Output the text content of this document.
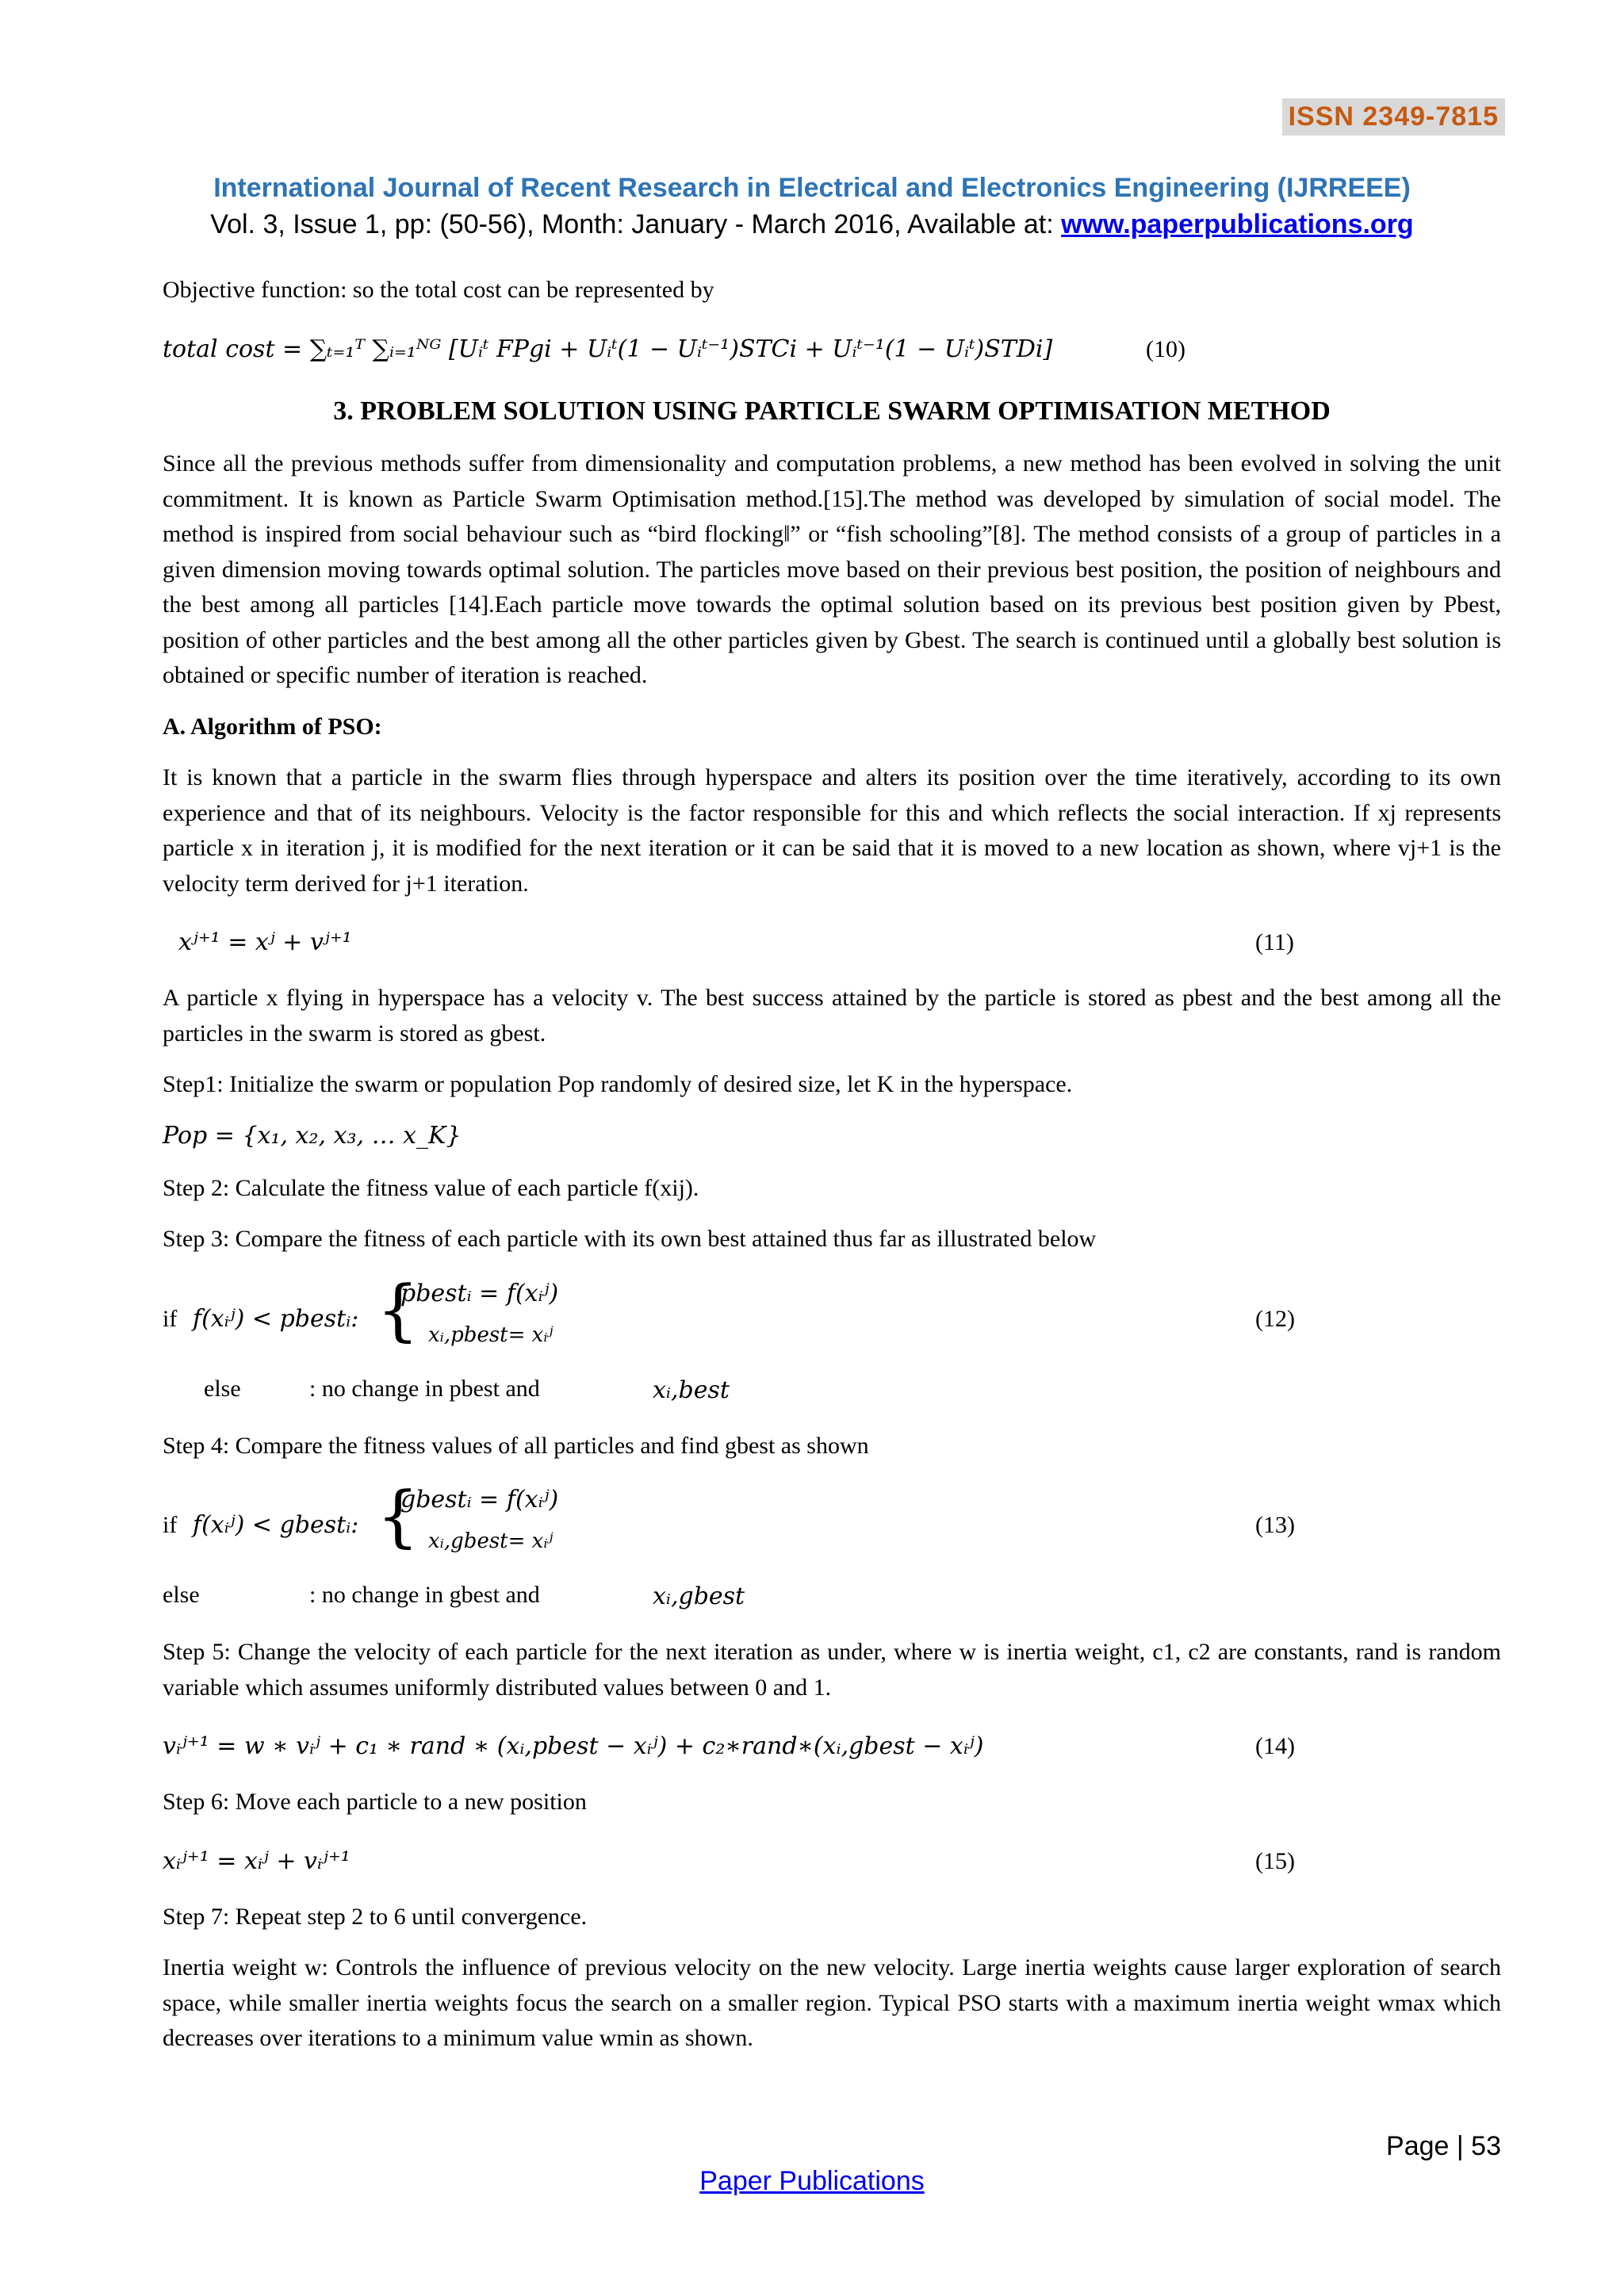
ISSN 2349-7815
International Journal of Recent Research in Electrical and Electronics Engineering (IJRREEE)
Vol. 3, Issue 1, pp: (50-56), Month: January - March 2016, Available at: www.paperpublications.org

Objective function: so the total cost can be represented by

total cost = ∑ₜ₌₁ᵀ ∑ᵢ₌₁ᴺᴳ [Uᵢᵗ FPgi + Uᵢᵗ(1 − Uᵢᵗ⁻¹)STCi + Uᵢᵗ⁻¹(1 − Uᵢᵗ)STDi]	(10)
3. PROBLEM SOLUTION USING PARTICLE SWARM OPTIMISATION METHOD

Since all the previous methods suffer from dimensionality and computation problems, a new method has been evolved in solving the unit commitment. It is known as Particle Swarm Optimisation method.[15].The method was developed by simulation of social model. The method is inspired from social behaviour such as “bird flocking‖” or “fish schooling”[8]. The method consists of a group of particles in a given dimension moving towards optimal solution. The particles move based on their previous best position, the position of neighbours and the best among all particles [14].Each particle move towards the optimal solution based on its previous best position given by Pbest, position of other particles and the best among all the other particles given by Gbest. The search is continued until a globally best solution is obtained or specific number of iteration is reached.

A. Algorithm of PSO:

It is known that a particle in the swarm flies through hyperspace and alters its position over the time iteratively, according to its own experience and that of its neighbours. Velocity is the factor responsible for this and which reflects the social interaction. If xj represents particle x in iteration j, it is modified for the next iteration or it can be said that it is moved to a new location as shown, where vj+1 is the velocity term derived for j+1 iteration.

xʲ⁺¹ = xʲ + vʲ⁺¹	(11)

A particle x flying in hyperspace has a velocity v. The best success attained by the particle is stored as pbest and the best among all the particles in the swarm is stored as gbest.

Step1: Initialize the swarm or population Pop randomly of desired size, let K in the hyperspace.

Pop = {x₁, x₂, x₃, … x_K}

Step 2: Calculate the fitness value of each particle f(xij).

Step 3: Compare the fitness of each particle with its own best attained thus far as illustrated below

if f(xᵢʲ) < pbestᵢ: {
pbestᵢ = f(xᵢʲ)
xᵢ,pbest= xᵢʲ
(12)
else	: no change in pbest and	xᵢ,best

Step 4: Compare the fitness values of all particles and find gbest as shown

if f(xᵢʲ) < gbestᵢ: {
gbestᵢ = f(xᵢʲ)
xᵢ,gbest= xᵢʲ
(13)
else	: no change in gbest and	xᵢ,gbest

Step 5: Change the velocity of each particle for the next iteration as under, where w is inertia weight, c1, c2 are constants, rand is random variable which assumes uniformly distributed values between 0 and 1.

vᵢʲ⁺¹ = w ∗ vᵢʲ + c₁ ∗ rand ∗ (xᵢ,pbest − xᵢʲ) + c₂∗rand∗(xᵢ,gbest − xᵢʲ)	(14)

Step 6: Move each particle to a new position

xᵢʲ⁺¹ = xᵢʲ + vᵢʲ⁺¹	(15)

Step 7: Repeat step 2 to 6 until convergence.

Inertia weight w: Controls the influence of previous velocity on the new velocity. Large inertia weights cause larger exploration of search space, while smaller inertia weights focus the search on a smaller region. Typical PSO starts with a maximum inertia weight wmax which decreases over iterations to a minimum value wmin as shown.

Page | 53
Paper Publications
